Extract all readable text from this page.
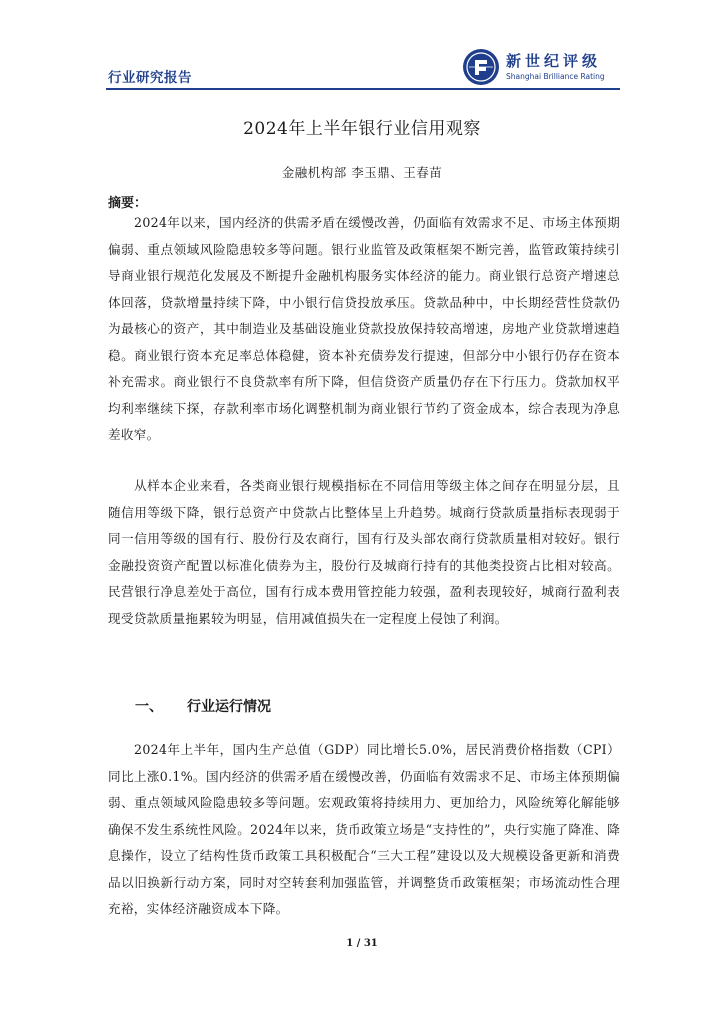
行业研究报告
新世纪评级
Shanghai Brilliance Rating
2024年上半年银行业信用观察
金融机构部 李玉鼎、王春苗
摘要：

2024年以来，国内经济的供需矛盾在缓慢改善，仍面临有效需求不足、市场主体预期偏弱、重点领域风险隐患较多等问题。银行业监管及政策框架不断完善，监管政策持续引导商业银行规范化发展及不断提升金融机构服务实体经济的能力。商业银行总资产增速总体回落，贷款增量持续下降，中小银行信贷投放承压。贷款品种中，中长期经营性贷款仍为最核心的资产，其中制造业及基础设施业贷款投放保持较高增速，房地产业贷款增速趋稳。商业银行资本充足率总体稳健，资本补充债券发行提速，但部分中小银行仍存在资本补充需求。商业银行不良贷款率有所下降，但信贷资产质量仍存在下行压力。贷款加权平均利率继续下探，存款利率市场化调整机制为商业银行节约了资金成本，综合表现为净息差收窄。

从样本企业来看，各类商业银行规模指标在不同信用等级主体之间存在明显分层，且随信用等级下降，银行总资产中贷款占比整体呈上升趋势。城商行贷款质量指标表现弱于同一信用等级的国有行、股份行及农商行，国有行及头部农商行贷款质量相对较好。银行金融投资资产配置以标准化债券为主，股份行及城商行持有的其他类投资占比相对较高。民营银行净息差处于高位，国有行成本费用管控能力较强，盈利表现较好，城商行盈利表现受贷款质量拖累较为明显，信用减值损失在一定程度上侵蚀了利润。

一、 行业运行情况

2024年上半年，国内生产总值（GDP）同比增长5.0%，居民消费价格指数（CPI）同比上涨0.1%。国内经济的供需矛盾在缓慢改善，仍面临有效需求不足、市场主体预期偏弱、重点领域风险隐患较多等问题。宏观政策将持续用力、更加给力，风险统筹化解能够确保不发生系统性风险。2024年以来，货币政策立场是“支持性的”，央行实施了降准、降息操作，设立了结构性货币政策工具积极配合“三大工程”建设以及大规模设备更新和消费品以旧换新行动方案，同时对空转套利加强监管，并调整货币政策框架；市场流动性合理充裕，实体经济融资成本下降。

1 / 31
